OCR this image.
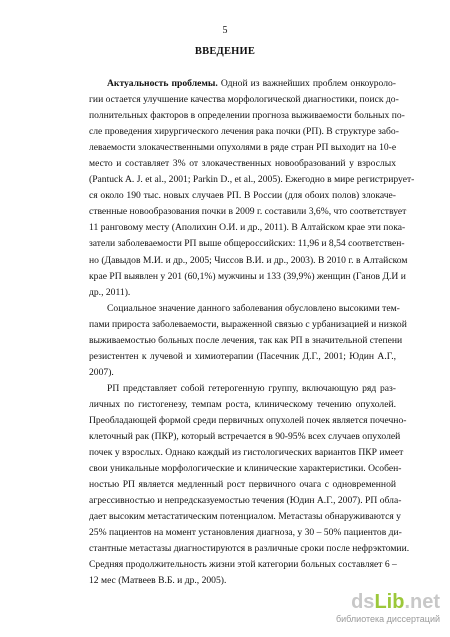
5
ВВЕДЕНИЕ
Актуальность проблемы. Одной из важнейших проблем онкоуроло-
гии остается улучшение качества морфологической диагностики, поиск до-
полнительных факторов в определении прогноза выживаемости больных по-
сле проведения хирургического лечения рака почки (РП). В структуре забо-
леваемости злокачественными опухолями в ряде стран РП выходит на 10-е
место и составляет 3% от злокачественных новообразований у взрослых
(Pantuck A. J. et al., 2001; Parkin D., et al., 2005). Ежегодно в мире регистрирует-
ся около 190 тыс. новых случаев РП. В России (для обоих полов) злокаче-
ственные новообразования почки в 2009 г. составили 3,6%, что соответствует
11 ранговому месту (Аполихин О.И. и др., 2011). В Алтайском крае эти пока-
затели заболеваемости РП выше общероссийских: 11,96 и 8,54 соответствен-
но (Давыдов М.И. и др., 2005; Чиссов В.И. и др., 2003). В 2010 г. в Алтайском
крае РП выявлен у 201 (60,1%) мужчины и 133 (39,9%) женщин (Ганов Д.И и
др., 2011).
Социальное значение данного заболевания обусловлено высокими тем-
пами прироста заболеваемости, выраженной связью с урбанизацией и низкой
выживаемостью больных после лечения, так как РП в значительной степени
резистентен к лучевой и химиотерапии (Пасечник Д.Г., 2001; Юдин А.Г.,
2007).
РП представляет собой гетерогенную группу, включающую ряд раз-
личных по гистогенезу, темпам роста, клиническому течению опухолей.
Преобладающей формой среди первичных опухолей почек является почечно-
клеточный рак (ПКР), который встречается в 90-95% всех случаев опухолей
почек у взрослых. Однако каждый из гистологических вариантов ПКР имеет
свои уникальные морфологические и клинические характеристики. Особен-
ностью РП является медленный рост первичного очага с одновременной
агрессивностью и непредсказуемостью течения (Юдин А.Г., 2007). РП обла-
дает высоким метастатическим потенциалом. Метастазы обнаруживаются у
25% пациентов на момент установления диагноза, у 30 – 50% пациентов ди-
стантные метастазы диагностируются в различные сроки после нефрэктомии.
Средняя продолжительность жизни этой категории больных составляет 6 –
12 мес (Матвеев В.Б. и др., 2005).
dsLib.net
библиотека диссертаций
